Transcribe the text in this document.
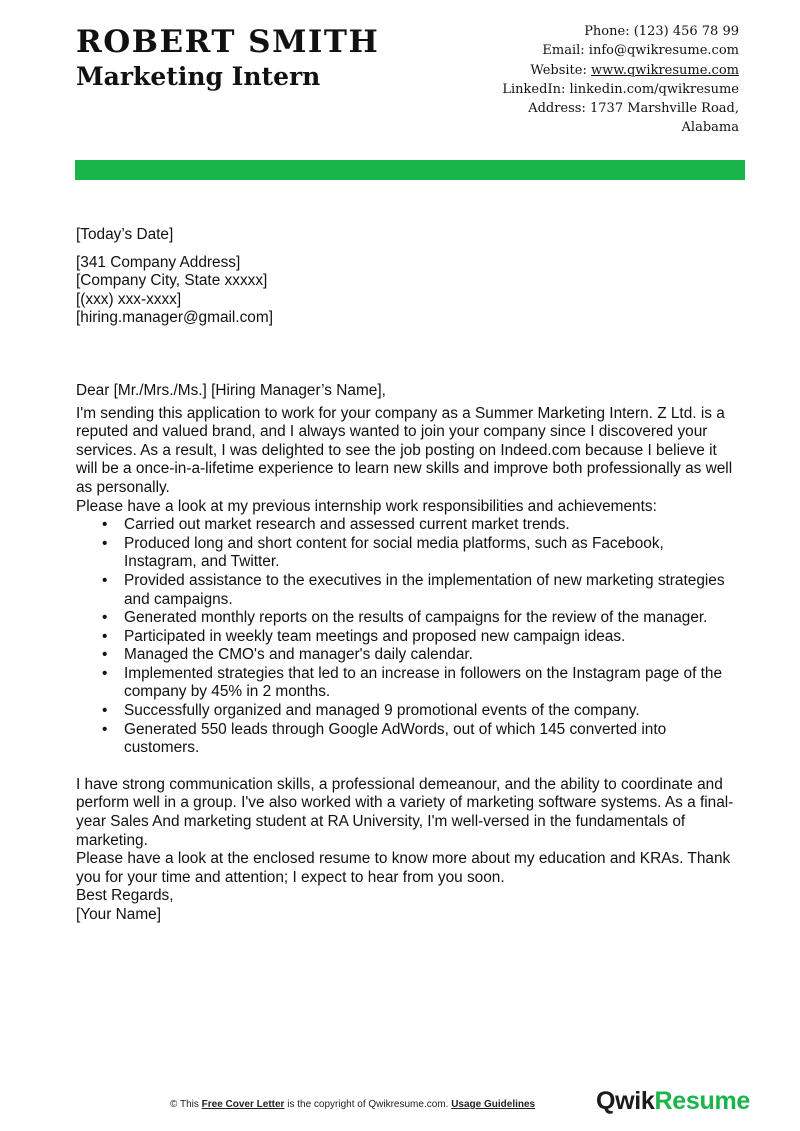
ROBERT SMITH
Marketing Intern
Phone: (123) 456 78 99
Email: info@qwikresume.com
Website: www.qwikresume.com
LinkedIn: linkedin.com/qwikresume
Address: 1737 Marshville Road,
Alabama

[Today’s Date]

[341 Company Address]

[Company City, State xxxxx]

[(xxx) xxx-xxxx]

[hiring.manager@gmail.com]

Dear [Mr./Mrs./Ms.] [Hiring Manager’s Name],

I'm sending this application to work for your company as a Summer Marketing Intern. Z Ltd. is a reputed and valued brand, and I always wanted to join your company since I discovered your services. As a result, I was delighted to see the job posting on Indeed.com because I believe it will be a once-in-a-lifetime experience to learn new skills and improve both professionally as well as personally.

Please have a look at my previous internship work responsibilities and achievements:

• Carried out market research and assessed current market trends.
• Produced long and short content for social media platforms, such as Facebook, Instagram, and Twitter.
• Provided assistance to the executives in the implementation of new marketing strategies and campaigns.
• Generated monthly reports on the results of campaigns for the review of the manager.
• Participated in weekly team meetings and proposed new campaign ideas.
• Managed the CMO's and manager's daily calendar.
• Implemented strategies that led to an increase in followers on the Instagram page of the company by 45% in 2 months.
• Successfully organized and managed 9 promotional events of the company.
• Generated 550 leads through Google AdWords, out of which 145 converted into customers.

I have strong communication skills, a professional demeanour, and the ability to coordinate and perform well in a group. I've also worked with a variety of marketing software systems. As a final-year Sales And marketing student at RA University, I'm well-versed in the fundamentals of marketing.

Please have a look at the enclosed resume to know more about my education and KRAs. Thank you for your time and attention; I expect to hear from you soon.

Best Regards,

[Your Name]

© This Free Cover Letter is the copyright of Qwikresume.com. Usage Guidelines QwikResume
